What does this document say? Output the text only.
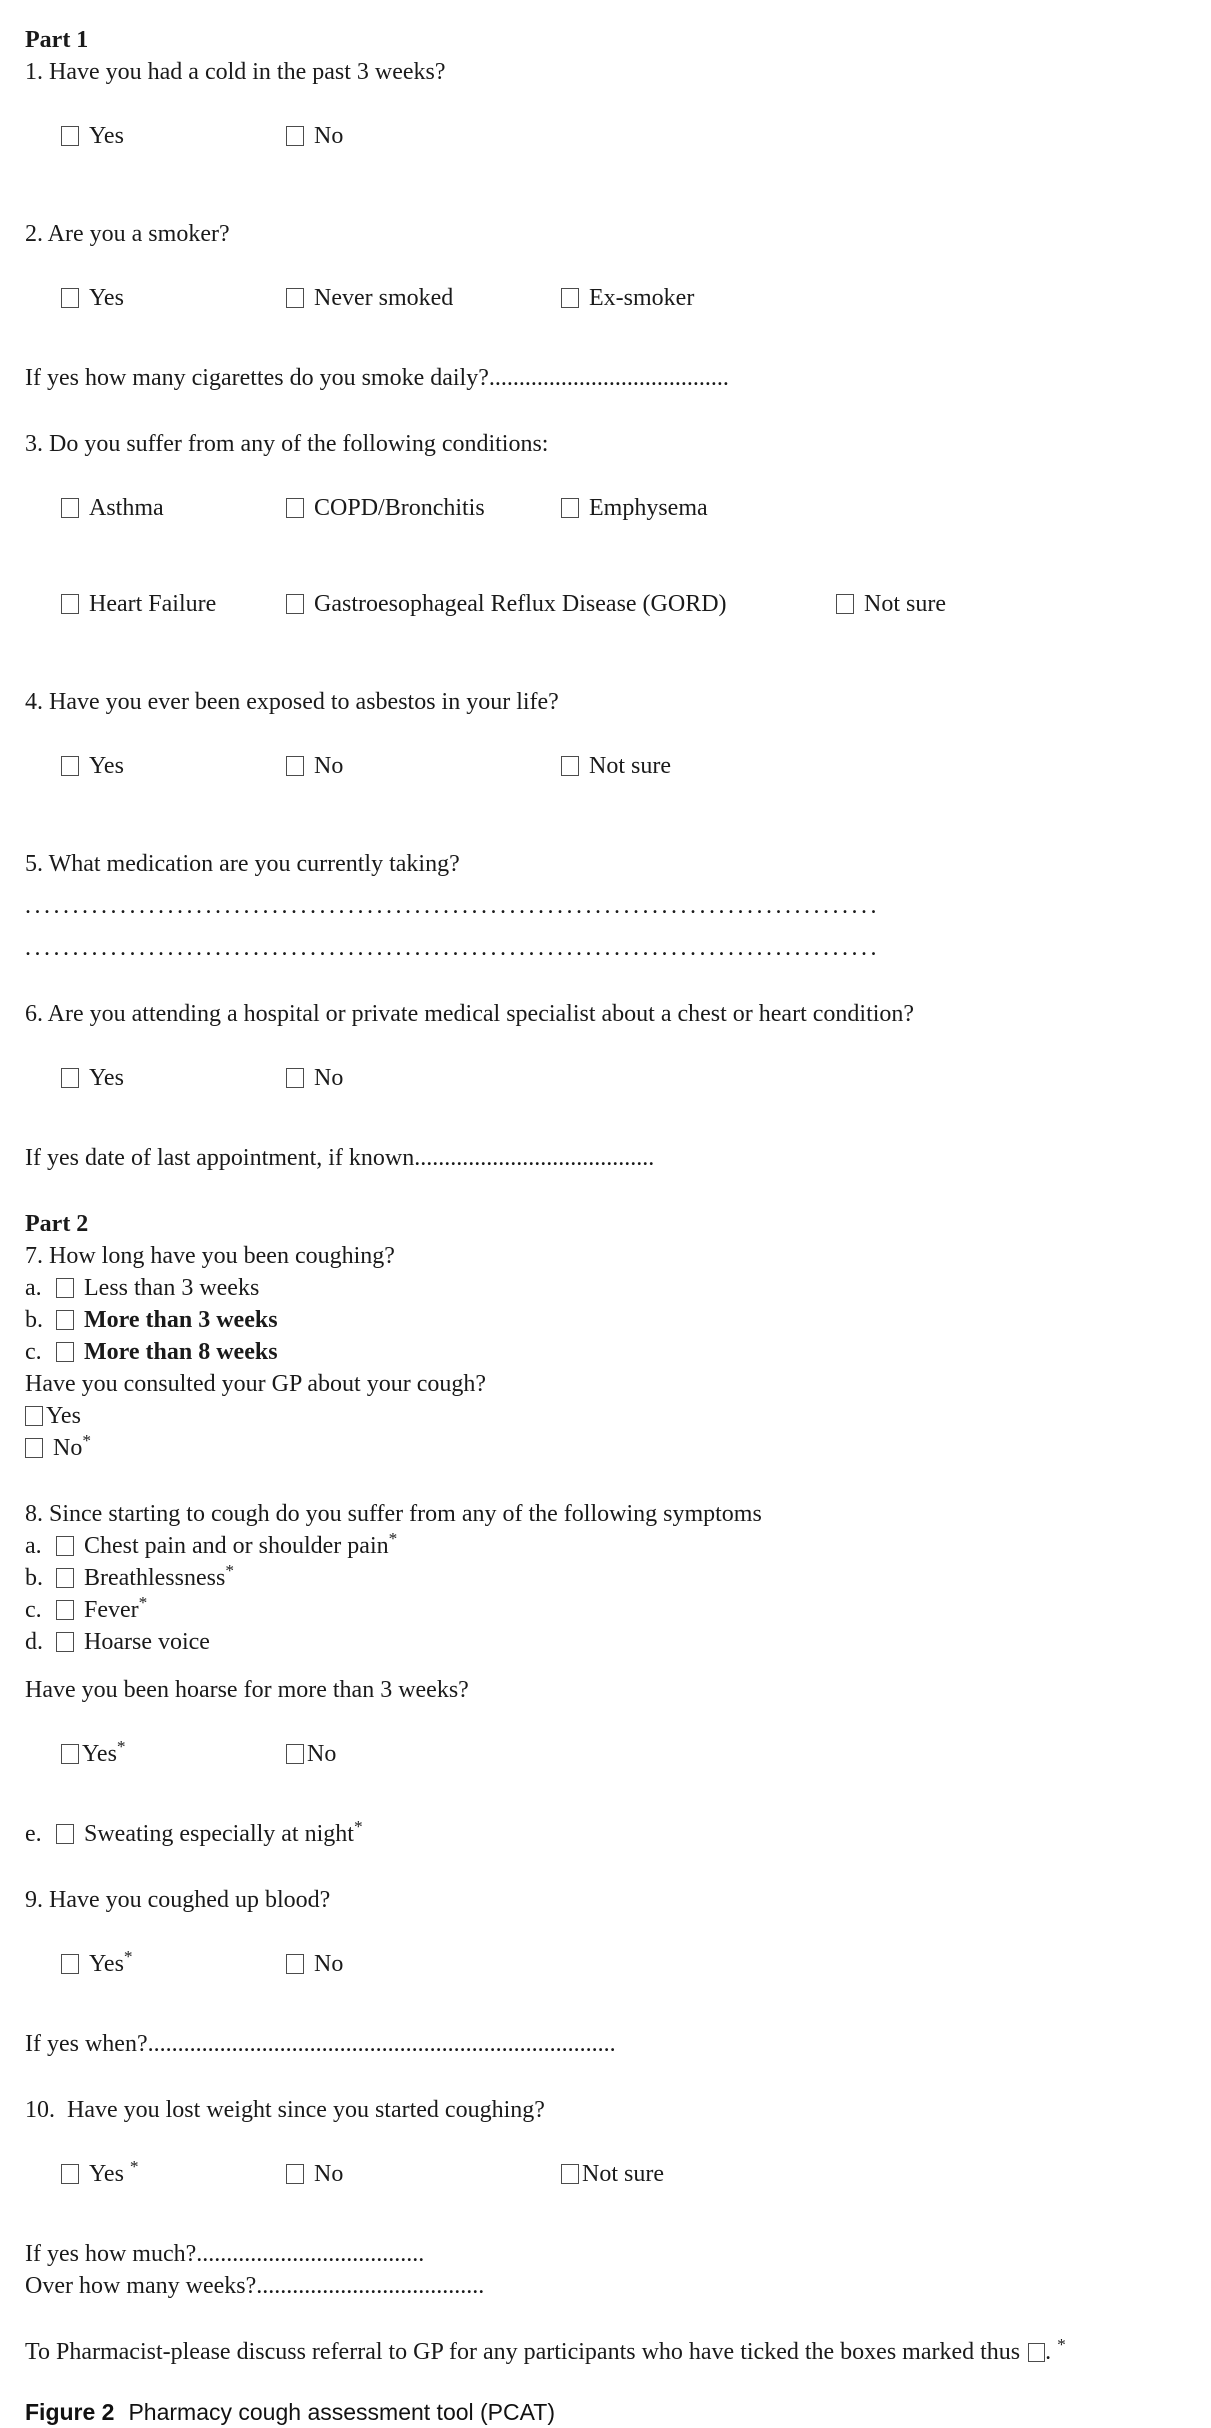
Part 1
1. Have you had a cold in the past 3 weeks?

Yes	No

2. Are you a smoker?

Yes	Never smoked	Ex-smoker

If yes how many cigarettes do you smoke daily?........................................
3. Do you suffer from any of the following conditions:

Asthma	COPD/Bronchitis	Emphysema

Heart Failure	Gastroesophageal Reflux Disease (GORD)	Not sure

4. Have you ever been exposed to asbestos in your life?

Yes	No	Not sure

5. What medication are you currently taking?
..........................................................................................
..........................................................................................
6. Are you attending a hospital or private medical specialist about a chest or heart condition?

Yes	No

If yes date of last appointment, if known........................................
Part 2
7. How long have you been coughing?
a. Less than 3 weeks
b. More than 3 weeks
c. More than 8 weeks
Have you consulted your GP about your cough?
Yes
No*
8. Since starting to cough do you suffer from any of the following symptoms
a. Chest pain and or shoulder pain*
b. Breathlessness*
c. Fever*
d. Hoarse voice
Have you been hoarse for more than 3 weeks?

Yes*	No

e. Sweating especially at night*
9. Have you coughed up blood?

Yes*	No

If yes when?..............................................................................
10.  Have you lost weight since you started coughing?

Yes *	No	Not sure

If yes how much?......................................
Over how many weeks?......................................
To Pharmacist-please discuss referral to GP for any participants who have ticked the boxes marked thus . *
Figure 2 Pharmacy cough assessment tool (PCAT)
